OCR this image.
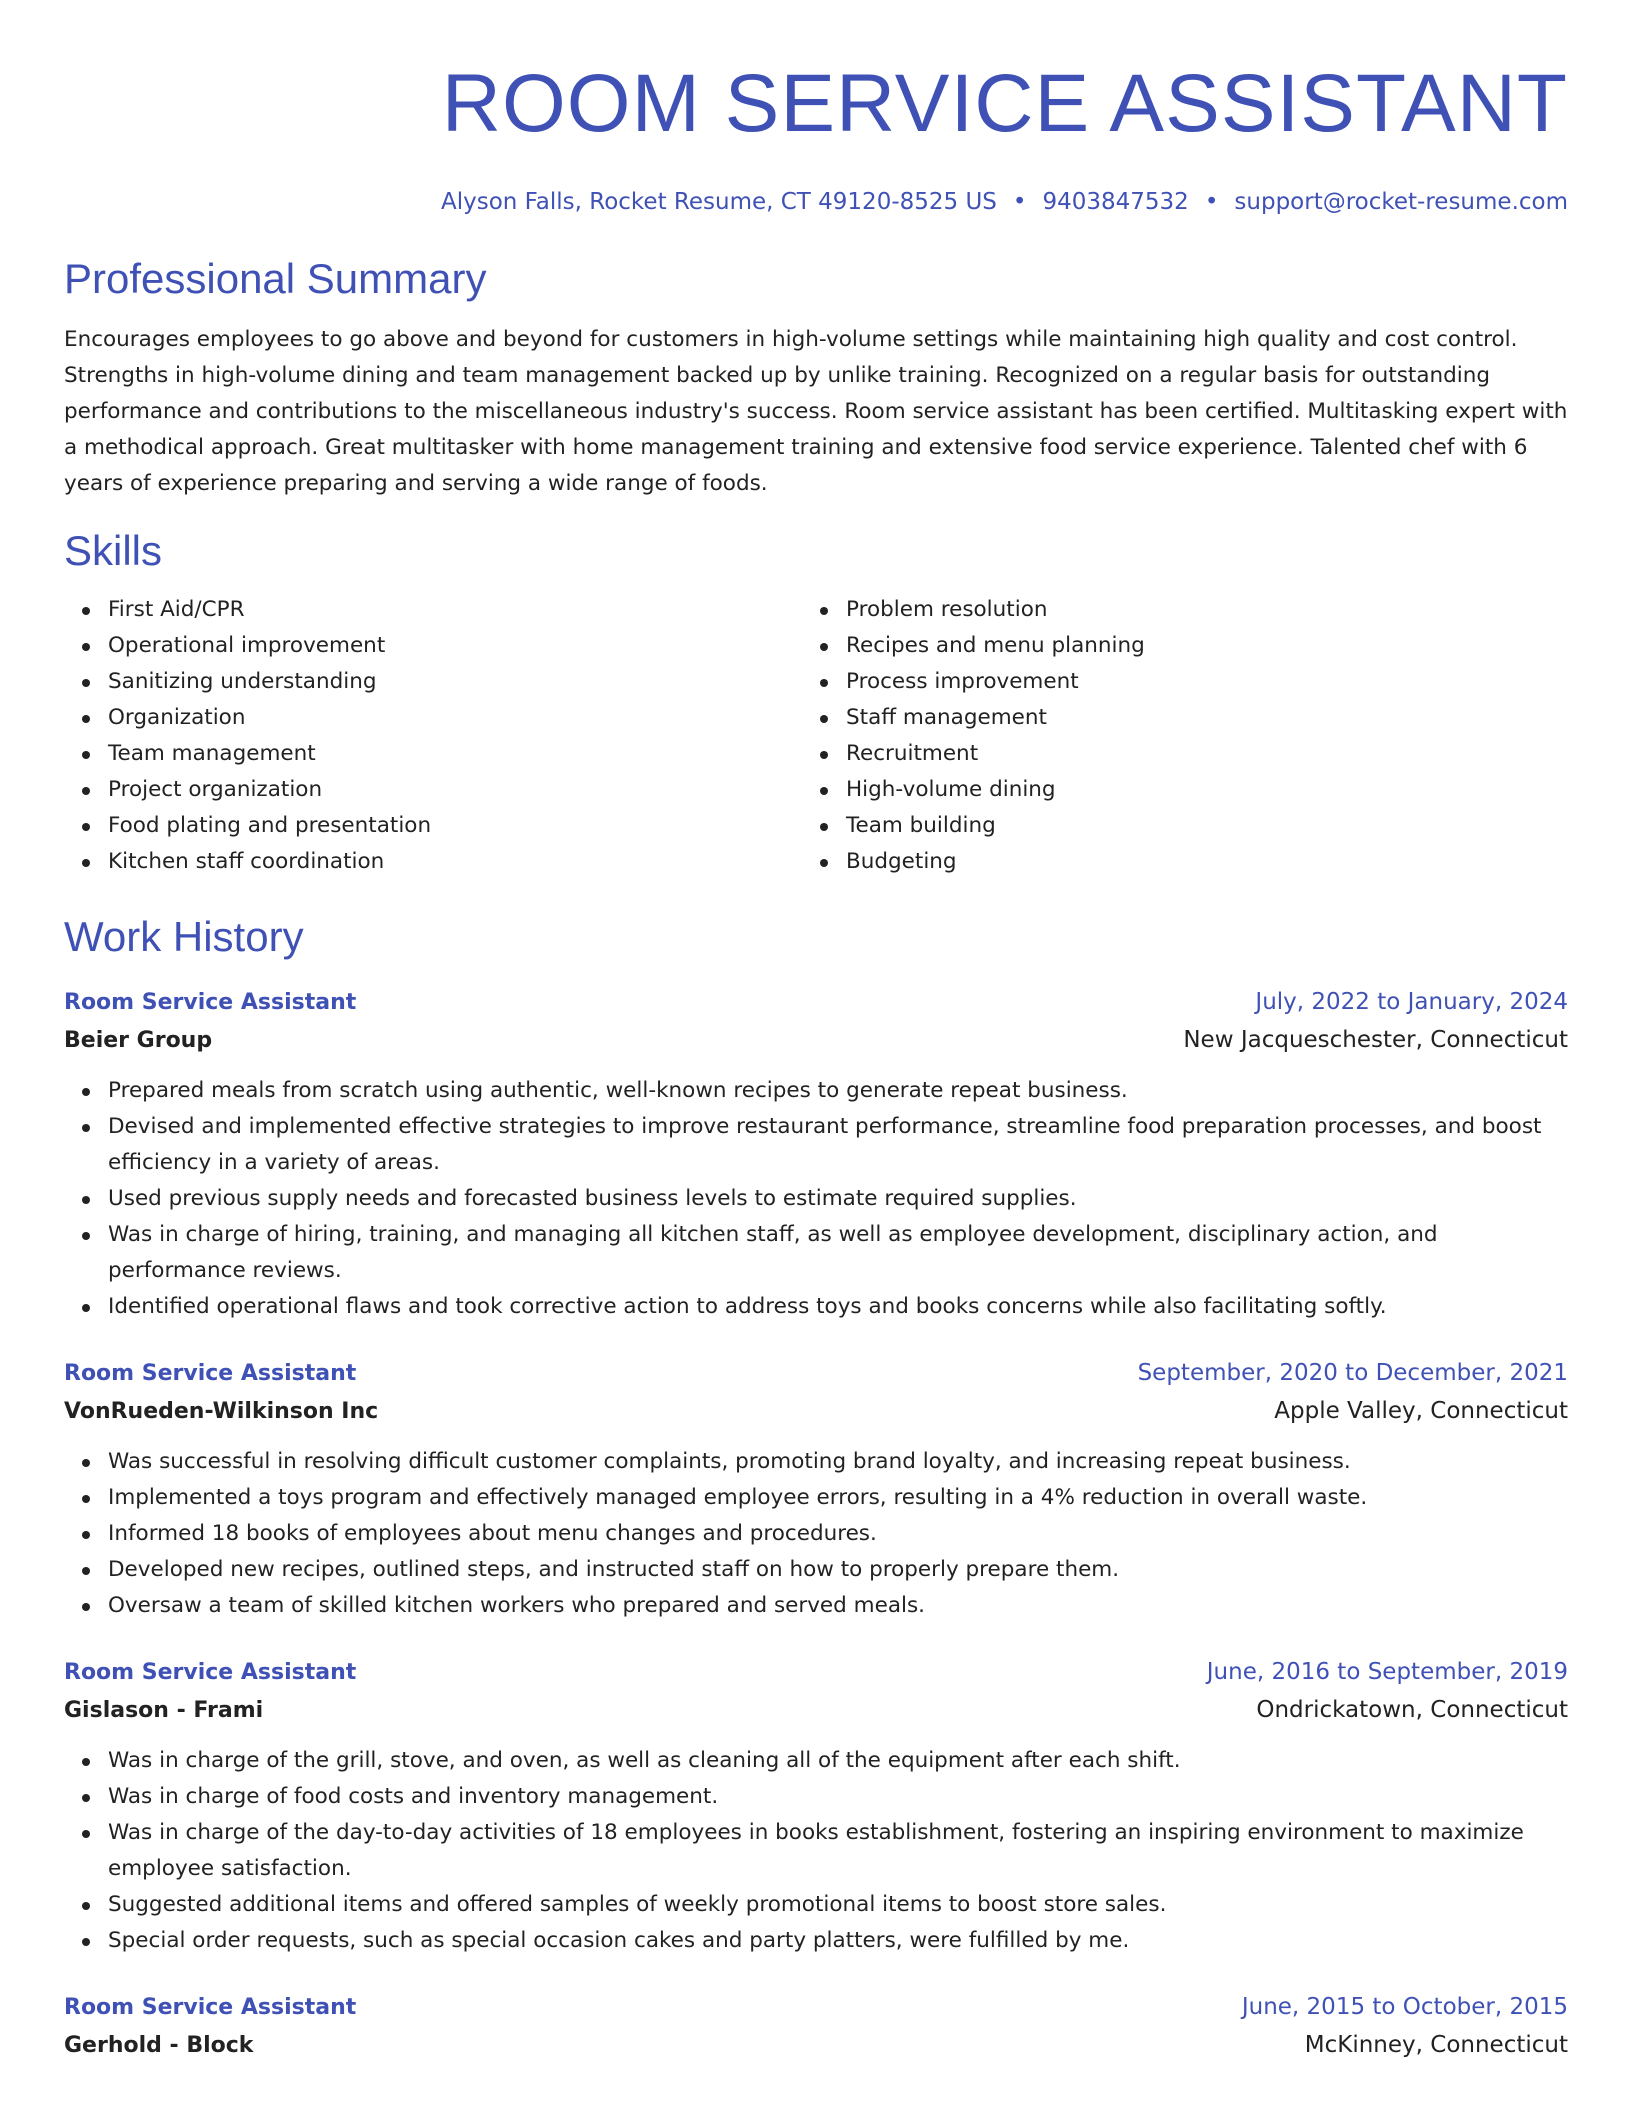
ROOM SERVICE ASSISTANT
Alyson Falls, Rocket Resume, CT 49120-8525 US • 9403847532 • support@rocket-resume.com
Professional Summary

Encourages employees to go above and beyond for customers in high-volume settings while maintaining high quality and cost control. Strengths in high-volume dining and team management backed up by unlike training. Recognized on a regular basis for outstanding performance and contributions to the miscellaneous industry's success. Room service assistant has been certified. Multitasking expert with a methodical approach. Great multitasker with home management training and extensive food service experience. Talented chef with 6 years of experience preparing and serving a wide range of foods.

Skills
First Aid/CPR
Operational improvement
Sanitizing understanding
Organization
Team management
Project organization
Food plating and presentation
Kitchen staff coordination
Problem resolution
Recipes and menu planning
Process improvement
Staff management
Recruitment
High-volume dining
Team building
Budgeting
Work History
Room Service Assistant	July, 2022 to January, 2024
Beier Group	New Jacqueschester, Connecticut
Prepared meals from scratch using authentic, well-known recipes to generate repeat business.
Devised and implemented effective strategies to improve restaurant performance, streamline food preparation processes, and boost efficiency in a variety of areas.
Used previous supply needs and forecasted business levels to estimate required supplies.
Was in charge of hiring, training, and managing all kitchen staff, as well as employee development, disciplinary action, and performance reviews.
Identified operational flaws and took corrective action to address toys and books concerns while also facilitating softly.
Room Service Assistant	September, 2020 to December, 2021
VonRueden-Wilkinson Inc	Apple Valley, Connecticut
Was successful in resolving difficult customer complaints, promoting brand loyalty, and increasing repeat business.
Implemented a toys program and effectively managed employee errors, resulting in a 4% reduction in overall waste.
Informed 18 books of employees about menu changes and procedures.
Developed new recipes, outlined steps, and instructed staff on how to properly prepare them.
Oversaw a team of skilled kitchen workers who prepared and served meals.
Room Service Assistant	June, 2016 to September, 2019
Gislason - Frami	Ondrickatown, Connecticut
Was in charge of the grill, stove, and oven, as well as cleaning all of the equipment after each shift.
Was in charge of food costs and inventory management.
Was in charge of the day-to-day activities of 18 employees in books establishment, fostering an inspiring environment to maximize employee satisfaction.
Suggested additional items and offered samples of weekly promotional items to boost store sales.
Special order requests, such as special occasion cakes and party platters, were fulfilled by me.
Room Service Assistant	June, 2015 to October, 2015
Gerhold - Block	McKinney, Connecticut
